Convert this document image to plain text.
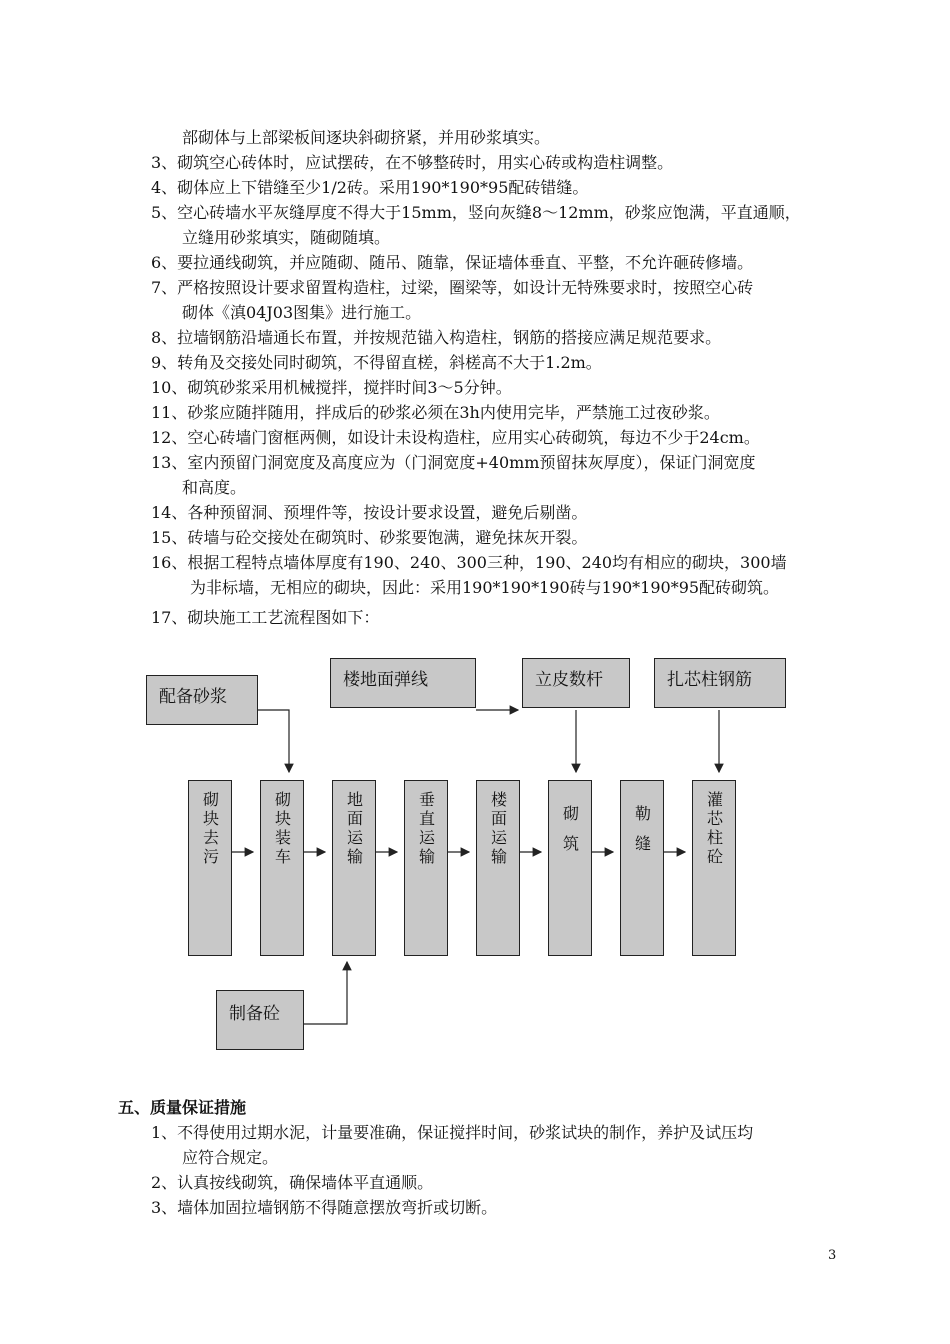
部砌体与上部梁板间逐块斜砌挤紧，并用砂浆填实。
3、砌筑空心砖体时，应试摆砖，在不够整砖时，用实心砖或构造柱调整。
4、砌体应上下错缝至少1/2砖。采用190*190*95配砖错缝。
5、空心砖墙水平灰缝厚度不得大于15mm，竖向灰缝8～12mm，砂浆应饱满，平直通顺，
立缝用砂浆填实，随砌随填。
6、要拉通线砌筑，并应随砌、随吊、随靠，保证墙体垂直、平整，不允许砸砖修墙。
7、严格按照设计要求留置构造柱，过梁，圈梁等，如设计无特殊要求时，按照空心砖
砌体《滇04J03图集》进行施工。
8、拉墙钢筋沿墙通长布置，并按规范锚入构造柱，钢筋的搭接应满足规范要求。
9、转角及交接处同时砌筑，不得留直槎，斜槎高不大于1.2m。
10、砌筑砂浆采用机械搅拌，搅拌时间3～5分钟。
11、砂浆应随拌随用，拌成后的砂浆必须在3h内使用完毕，严禁施工过夜砂浆。
12、空心砖墙门窗框两侧，如设计未设构造柱，应用实心砖砌筑，每边不少于24cm。
13、室内预留门洞宽度及高度应为（门洞宽度+40mm预留抹灰厚度），保证门洞宽度
和高度。
14、各种预留洞、预埋件等，按设计要求设置，避免后剔凿。
15、砖墙与砼交接处在砌筑时、砂浆要饱满，避免抹灰开裂。
16、根据工程特点墙体厚度有190、240、300三种，190、240均有相应的砌块，300墙
为非标墙，无相应的砌块，因此：采用190*190*190砖与190*190*95配砖砌筑。
17、砌块施工工艺流程图如下：
配备砂浆
楼地面弹线	立皮数杆	扎芯柱钢筋
制备砼
砌块去污	砌块装车	地面运输	垂直运输	楼面运输	砌筑	勒缝	灌芯柱砼
五、质量保证措施
1、不得使用过期水泥，计量要准确，保证搅拌时间，砂浆试块的制作，养护及试压均
应符合规定。
2、认真按线砌筑，确保墙体平直通顺。
3、墙体加固拉墙钢筋不得随意摆放弯折或切断。
3
